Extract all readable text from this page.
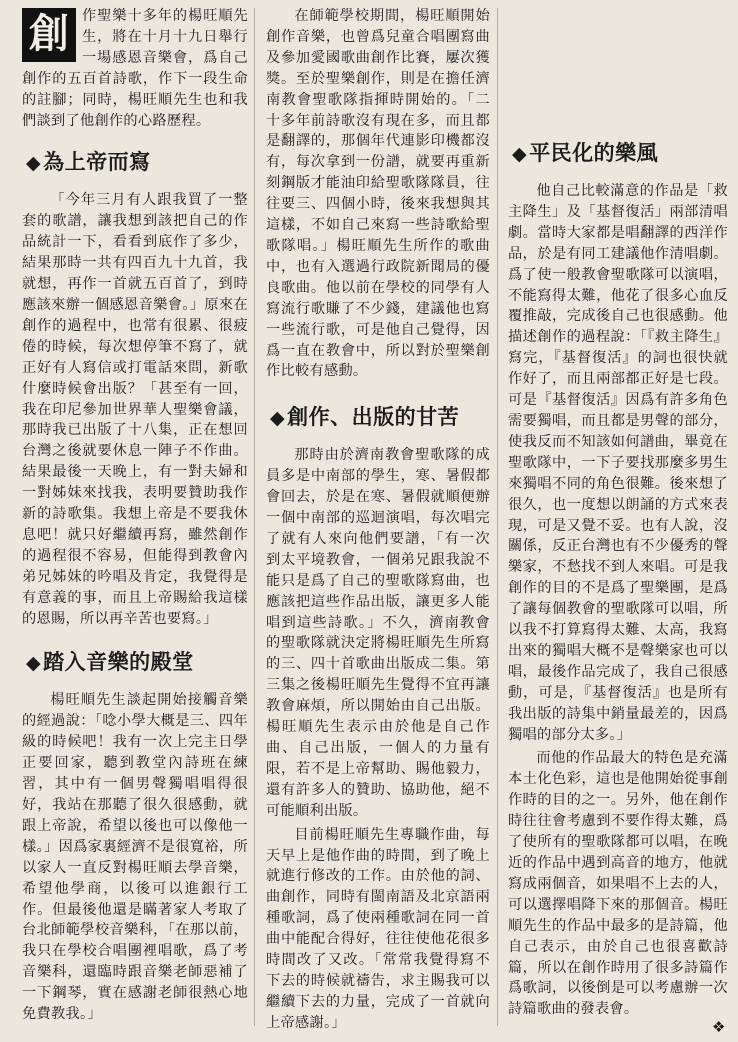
創 作聖樂十多年的楊旺順先生，將在十月十九日舉行一場感恩音樂會，爲自己創作的五百首詩歌，作下一段生命的註腳；同時，楊旺順先生也和我們談到了他創作的心路歷程。

◆為上帝而寫

「今年三月有人跟我買了一整套的歌譜，讓我想到該把自己的作品統計一下，看看到底作了多少，結果那時一共有四百九十九首，我就想，再作一首就五百首了，到時應該來辦一個感恩音樂會。」原來在創作的過程中，也常有很累、很疲倦的時候，每次想停筆不寫了，就正好有人寫信或打電話來問，新歌什麼時候會出版？「甚至有一回，我在印尼參加世界華人聖樂會議，那時我已出版了十八集，正在想回台灣之後就要休息一陣子不作曲。結果最後一天晚上，有一對夫婦和一對姊妹來找我，表明要贊助我作新的詩歌集。我想上帝是不要我休息吧！就只好繼續再寫，雖然創作的過程很不容易，但能得到教會內弟兄姊妹的吟唱及肯定，我覺得是有意義的事，而且上帝賜給我這樣的恩賜，所以再辛苦也要寫。」

◆踏入音樂的殿堂

楊旺順先生談起開始接觸音樂的經過說：「唸小學大概是三、四年級的時候吧！我有一次上完主日學正要回家，聽到教堂內詩班在練習，其中有一個男聲獨唱唱得很好，我站在那聽了很久很感動，就跟上帝說，希望以後也可以像他一樣。」因爲家裏經濟不是很寬裕，所以家人一直反對楊旺順去學音樂，希望他學商，以後可以進銀行工作。但最後他還是瞞著家人考取了台北師範學校音樂科，「在那以前，我只在學校合唱團裡唱歌，爲了考音樂科，還臨時跟音樂老師惡補了一下鋼琴，實在感謝老師很熱心地免費教我。」

在師範學校期間，楊旺順開始創作音樂，也曾爲兒童合唱團寫曲及參加愛國歌曲創作比賽，屢次獲獎。至於聖樂創作，則是在擔任濟南教會聖歌隊指揮時開始的。「二十多年前詩歌沒有現在多，而且都是翻譯的，那個年代連影印機都沒有，每次拿到一份譜，就要再重新刻鋼版才能油印給聖歌隊隊員，往往要三、四個小時，後來我想與其這樣，不如自己來寫一些詩歌給聖歌隊唱。」楊旺順先生所作的歌曲中，也有入選過行政院新聞局的優良歌曲。他以前在學校的同學有人寫流行歌賺了不少錢，建議他也寫一些流行歌，可是他自己覺得，因爲一直在教會中，所以對於聖樂創作比較有感動。

◆創作、出版的甘苦

那時由於濟南教會聖歌隊的成員多是中南部的學生，寒、暑假都會回去，於是在寒、暑假就順便辦一個中南部的巡迴演唱，每次唱完了就有人來向他們要譜，「有一次到太平境教會，一個弟兄跟我說不能只是爲了自己的聖歌隊寫曲，也應該把這些作品出版，讓更多人能唱到這些詩歌。」不久，濟南教會的聖歌隊就決定將楊旺順先生所寫的三、四十首歌曲出版成二集。第三集之後楊旺順先生覺得不宜再讓教會麻煩，所以開始由自己出版。楊旺順先生表示由於他是自己作曲、自己出版，一個人的力量有限，若不是上帝幫助、賜他毅力，還有許多人的贊助、協助他，絕不可能順利出版。

目前楊旺順先生專職作曲，每天早上是他作曲的時間，到了晚上就進行修改的工作。由於他的詞、曲創作，同時有閩南語及北京語兩種歌詞，爲了使兩種歌詞在同一首曲中能配合得好，往往使他花很多時間改了又改。「常常我覺得寫不下去的時候就禱告，求主賜我可以繼續下去的力量，完成了一首就向上帝感謝。」

◆平民化的樂風

他自己比較滿意的作品是「救主降生」及「基督復活」兩部清唱劇。當時大家都是唱翻譯的西洋作品，於是有同工建議他作清唱劇。爲了使一般教會聖歌隊可以演唱，不能寫得太難，他花了很多心血反覆推敲，完成後自己也很感動。他描述創作的過程說：「『救主降生』寫完，『基督復活』的詞也很快就作好了，而且兩部都正好是七段。可是『基督復活』因爲有許多角色需要獨唱，而且都是男聲的部分，使我反而不知該如何譜曲，畢竟在聖歌隊中，一下子要找那麼多男生來獨唱不同的角色很難。後來想了很久，也一度想以朗誦的方式來表現，可是又覺不妥。也有人說，沒關係，反正台灣也有不少優秀的聲樂家，不愁找不到人來唱。可是我創作的目的不是爲了聖樂團，是爲了讓每個教會的聖歌隊可以唱，所以我不打算寫得太難、太高，我寫出來的獨唱大概不是聲樂家也可以唱，最後作品完成了，我自己很感動，可是，『基督復活』也是所有我出版的詩集中銷量最差的，因爲獨唱的部分太多。」

而他的作品最大的特色是充滿本土化色彩，這也是他開始從事創作時的目的之一。另外，他在創作時往往會考慮到不要作得太難，爲了使所有的聖歌隊都可以唱，在晚近的作品中遇到高音的地方，他就寫成兩個音，如果唱不上去的人，可以選擇唱降下來的那個音。楊旺順先生的作品中最多的是詩篇，他自己表示，由於自己也很喜歡詩篇，所以在創作時用了很多詩篇作爲歌詞，以後倒是可以考慮辦一次詩篇歌曲的發表會。

❖
